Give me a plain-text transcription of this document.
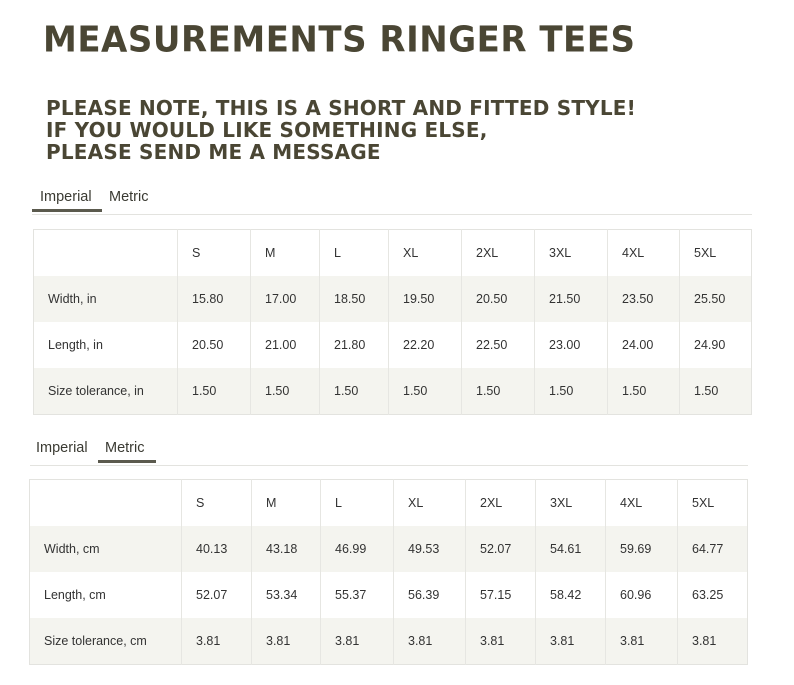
MEASUREMENTS RINGER TEES
PLEASE NOTE, THIS IS A SHORT AND FITTED STYLE!
IF YOU WOULD LIKE SOMETHING ELSE,
PLEASE SEND ME A MESSAGE
Imperial	Metric
	S	M	L	XL	2XL	3XL	4XL	5XL
Width, in	15.80	17.00	18.50	19.50	20.50	21.50	23.50	25.50
Length, in	20.50	21.00	21.80	22.20	22.50	23.00	24.00	24.90
Size tolerance, in	1.50	1.50	1.50	1.50	1.50	1.50	1.50	1.50
Imperial	Metric
	S	M	L	XL	2XL	3XL	4XL	5XL
Width, cm	40.13	43.18	46.99	49.53	52.07	54.61	59.69	64.77
Length, cm	52.07	53.34	55.37	56.39	57.15	58.42	60.96	63.25
Size tolerance, cm	3.81	3.81	3.81	3.81	3.81	3.81	3.81	3.81
